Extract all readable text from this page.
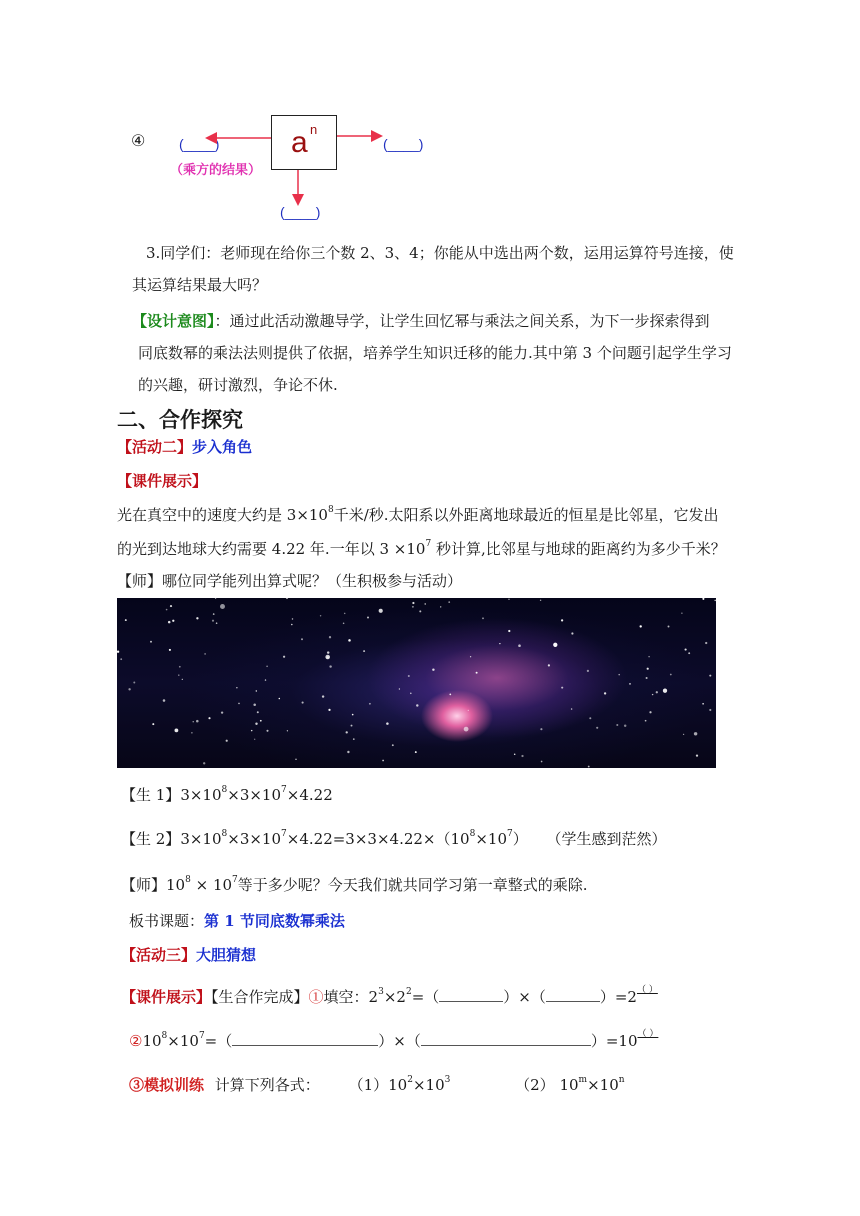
④ (____)	(____)
(____)
（乘方的结果）
a n
3.同学们：老师现在给你三个数 2、3、4；你能从中选出两个数，运用运算符号连接，使
其运算结果最大吗？
【设计意图】：通过此活动激趣导学，让学生回忆幂与乘法之间关系，为下一步探索得到
同底数幂的乘法法则提供了依据，培养学生知识迁移的能力.其中第 3 个问题引起学生学习
的兴趣，研讨激烈，争论不休.
二、合作探究
【活动二】步入角色
【课件展示】
光在真空中的速度大约是 $3\times 10^8$千米/秒.太阳系以外距离地球最近的恒星是比邻星，它发出
的光到达地球大约需要 4.22 年.一年以 $3 \times 10^7$ 秒计算,比邻星与地球的距离约为多少千米？
【师】哪位同学能列出算式呢？（生积极参与活动）
【生 1】$3\times 10^8\times 3\times 10^7\times 4.22$
【生 2】$3\times 10^8\times 3\times 10^7\times 4.22=3\times 3\times 4.22\times(10^8\times 10^7)$ （学生感到茫然）
【师】$10^8 \times 10^7$等于多少呢？今天我们就共同学习第一章整式的乘除.
板书课题：第 1 节同底数幂乘法
【活动三】大胆猜想
【课件展示】【生合作完成】①填空：$2^3\times 2^2=$（	）×（	）=2（ ）
$②10^8\times 10^7=$（	）×（	）=10（ ）
③模拟训练 计算下列各式： $(1)10^2\times 10^3$	（2） $10^m\times 10^n$
